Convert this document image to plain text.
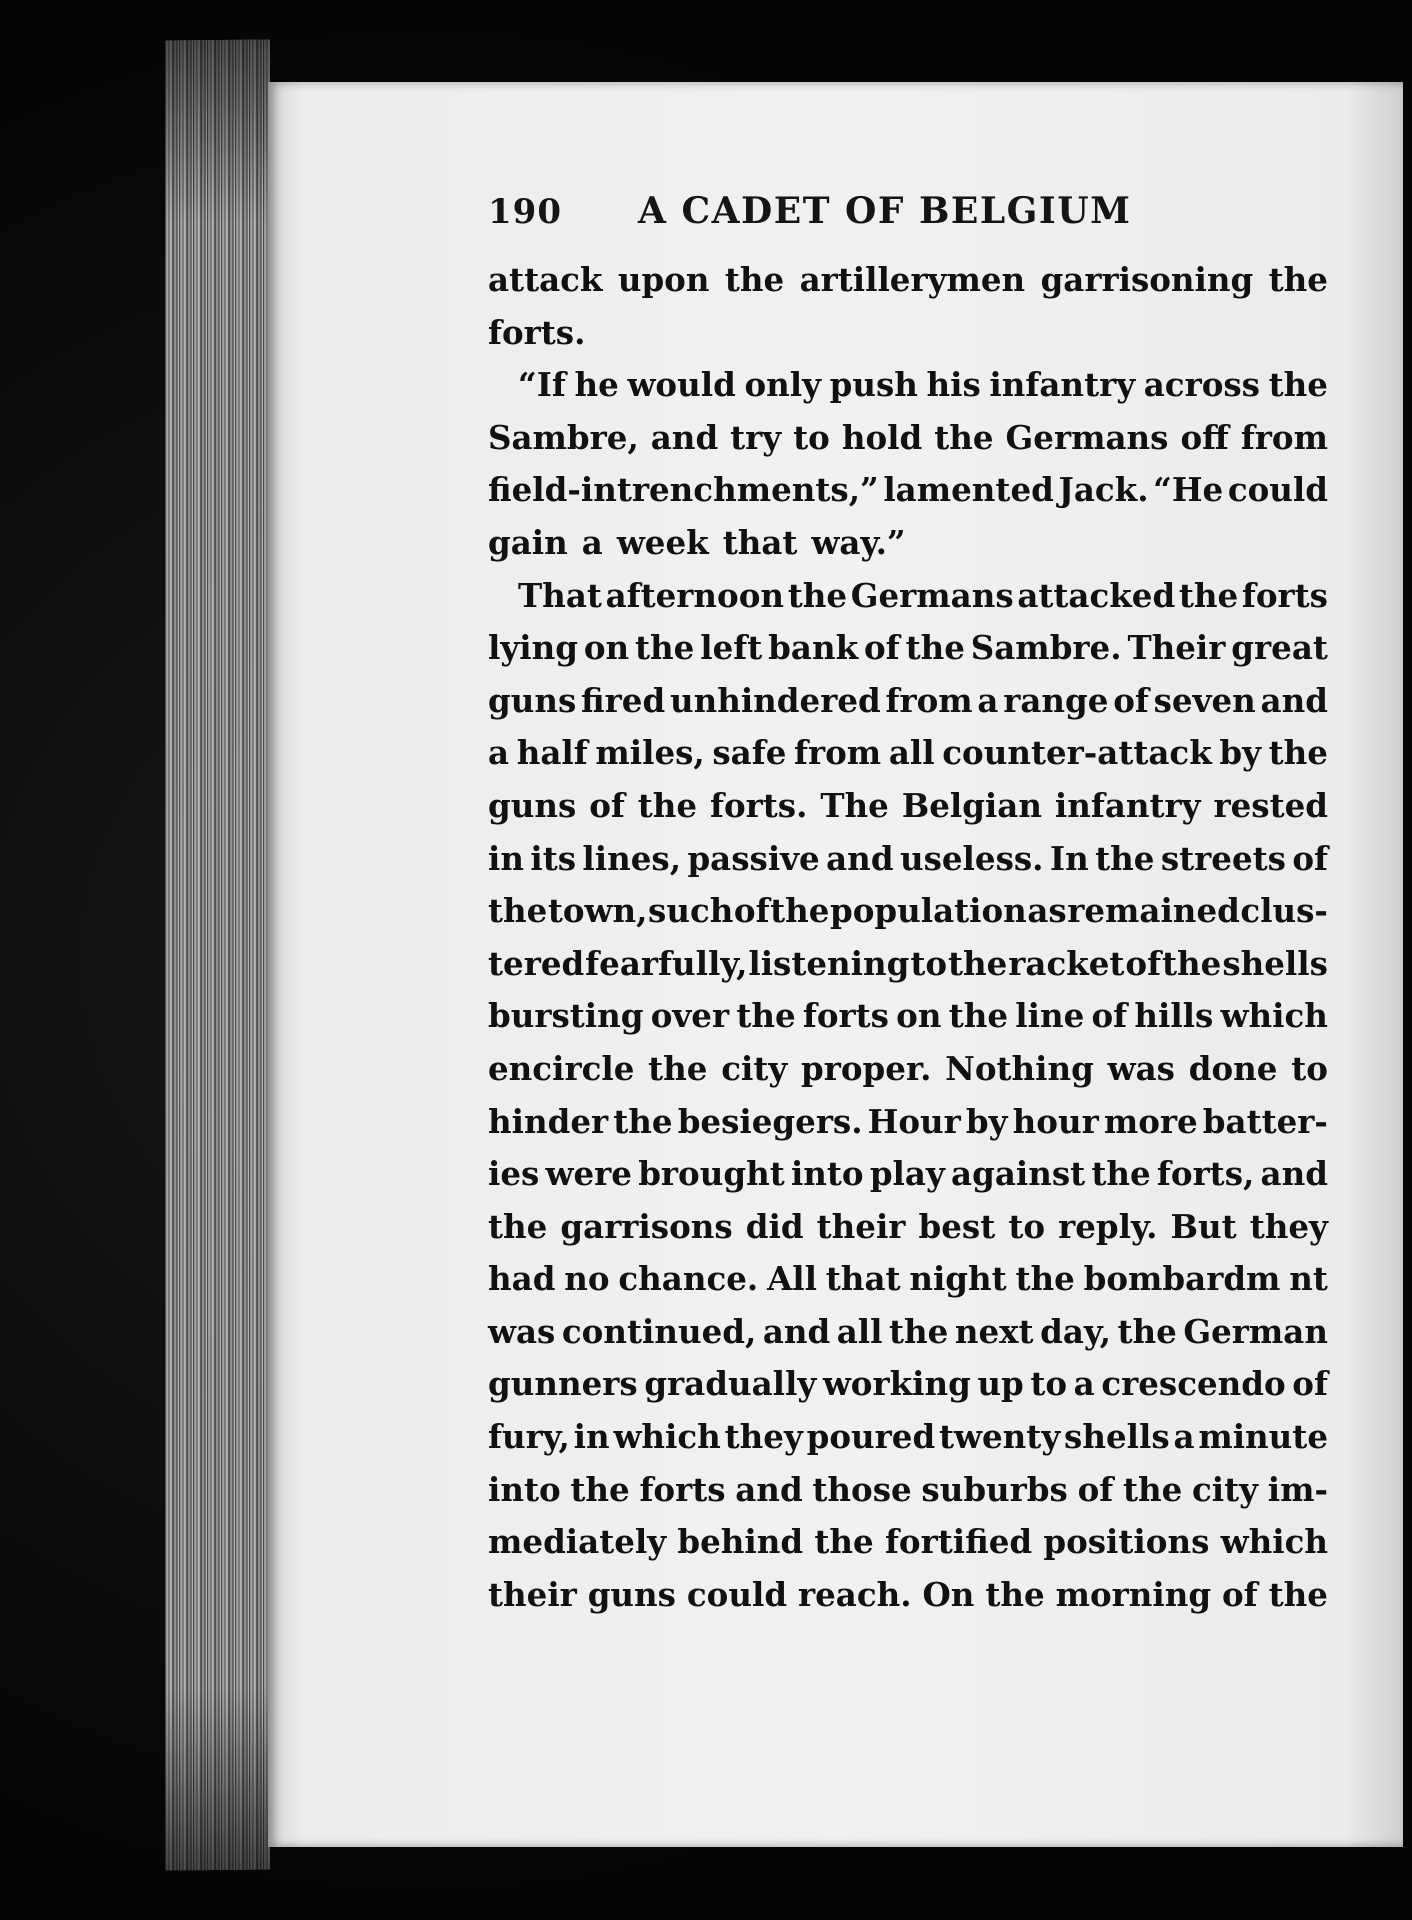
190	A CADET OF BELGIUM
attack upon the artillerymen garrisoning the
forts.
“If he would only push his infantry across the
Sambre, and try to hold the Germans off from
field-intrenchments,” lamented Jack. “He could
gain a week that way.”
That afternoon the Germans attacked the forts
lying on the left bank of the Sambre. Their great
guns fired unhindered from a range of seven and
a half miles, safe from all counter-attack by the
guns of the forts. The Belgian infantry rested
in its lines, passive and useless. In the streets of
the town, such of the population as remained clus-
tered fearfully, listening to the racket of the shells
bursting over the forts on the line of hills which
encircle the city proper. Nothing was done to
hinder the besiegers. Hour by hour more batter-
ies were brought into play against the forts, and
the garrisons did their best to reply. But they
had no chance. All that night the bombardm nt
was continued, and all the next day, the German
gunners gradually working up to a crescendo of
fury, in which they poured twenty shells a minute
into the forts and those suburbs of the city im-
mediately behind the fortified positions which
their guns could reach. On the morning of the
